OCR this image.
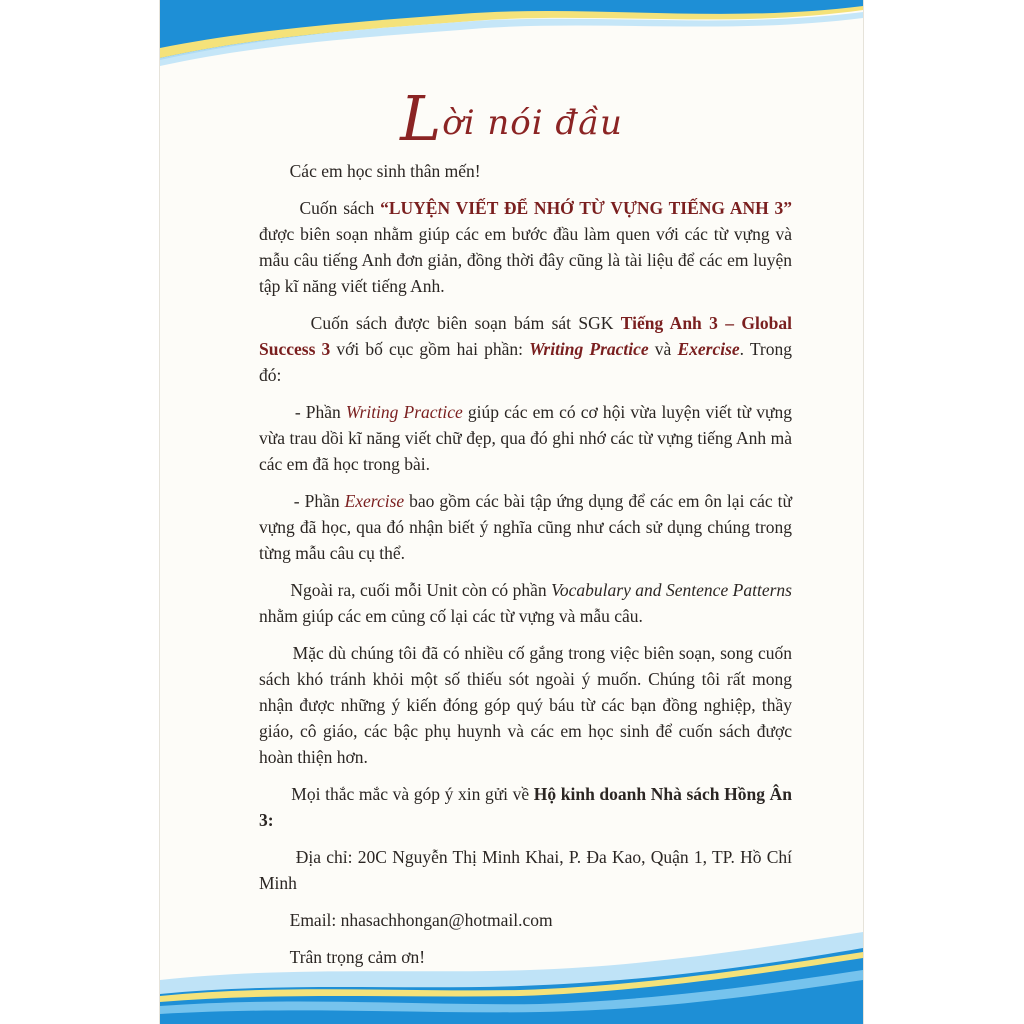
Lời nói đầu

Các em học sinh thân mến!

Cuốn sách “LUYỆN VIẾT ĐỂ NHỚ TỪ VỰNG TIẾNG ANH 3” được biên soạn nhằm giúp các em bước đầu làm quen với các từ vựng và mẫu câu tiếng Anh đơn giản, đồng thời đây cũng là tài liệu để các em luyện tập kĩ năng viết tiếng Anh.

Cuốn sách được biên soạn bám sát SGK Tiếng Anh 3 – Global Success 3 với bố cục gồm hai phần: Writing Practice và Exercise. Trong đó:

- Phần Writing Practice giúp các em có cơ hội vừa luyện viết từ vựng vừa trau dồi kĩ năng viết chữ đẹp, qua đó ghi nhớ các từ vựng tiếng Anh mà các em đã học trong bài.

- Phần Exercise bao gồm các bài tập ứng dụng để các em ôn lại các từ vựng đã học, qua đó nhận biết ý nghĩa cũng như cách sử dụng chúng trong từng mẫu câu cụ thể.

Ngoài ra, cuối mỗi Unit còn có phần Vocabulary and Sentence Patterns nhằm giúp các em củng cố lại các từ vựng và mẫu câu.

Mặc dù chúng tôi đã có nhiều cố gắng trong việc biên soạn, song cuốn sách khó tránh khỏi một số thiếu sót ngoài ý muốn. Chúng tôi rất mong nhận được những ý kiến đóng góp quý báu từ các bạn đồng nghiệp, thầy giáo, cô giáo, các bậc phụ huynh và các em học sinh để cuốn sách được hoàn thiện hơn.

Mọi thắc mắc và góp ý xin gửi về Hộ kinh doanh Nhà sách Hồng Ân 3:

Địa chỉ: 20C Nguyễn Thị Minh Khai, P. Đa Kao, Quận 1, TP. Hồ Chí Minh

Email: nhasachhongan@hotmail.com

Trân trọng cảm ơn!
